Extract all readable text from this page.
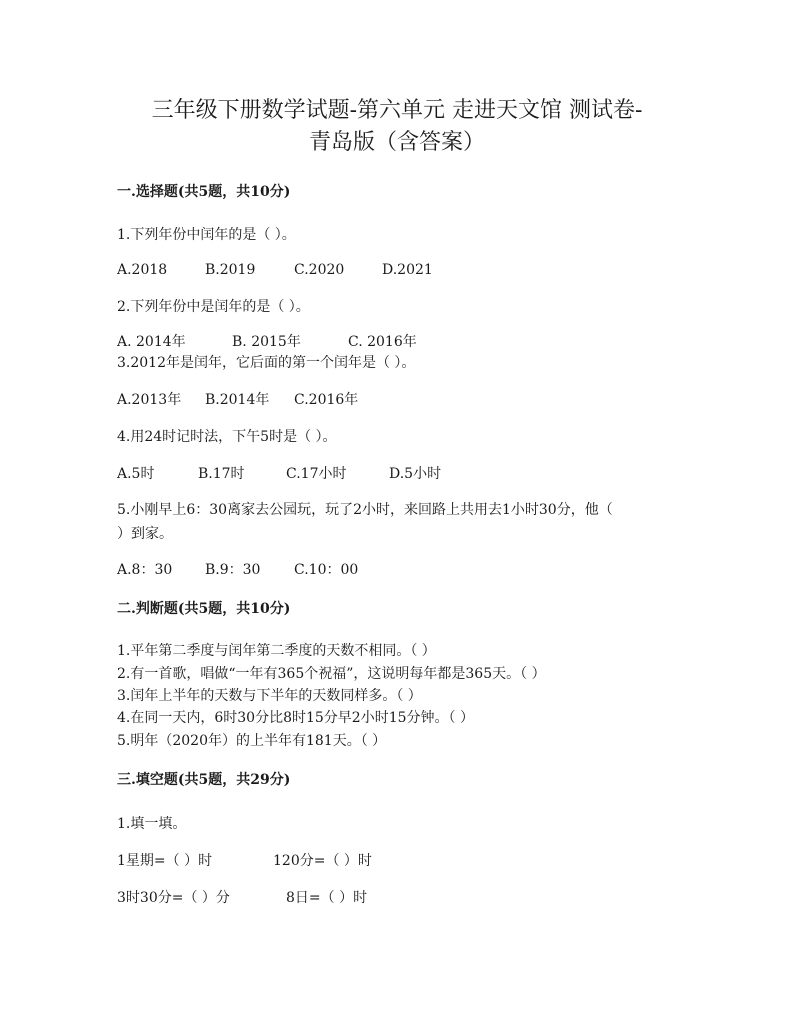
三年级下册数学试题-第六单元 走进天文馆 测试卷-
青岛版（含答案）
一.选择题(共5题，共10分)
1.下列年份中闰年的是（ ）。
A.2018	B.2019	C.2020	D.2021
2.下列年份中是闰年的是（ ）。
A. 2014年	B. 2015年	C. 2016年
3.2012年是闰年，它后面的第一个闰年是（ ）。
A.2013年 B.2014年 C.2016年
4.用24时记时法，下午5时是（ ）。
A.5时	B.17时	C.17小时	D.5小时
5.小刚早上6：30离家去公园玩，玩了2小时，来回路上共用去1小时30分，他（
）到家。
A.8：30 B.9：30 C.10：00
二.判断题(共5题，共10分)
1.平年第二季度与闰年第二季度的天数不相同。（ ）
2.有一首歌，唱做“一年有365个祝福”，这说明每年都是365天。（ ）
3.闰年上半年的天数与下半年的天数同样多。（ ）
4.在同一天内，6时30分比8时15分早2小时15分钟。（ ）
5.明年（2020年）的上半年有181天。（ ）
三.填空题(共5题，共29分)
1.填一填。
1星期=（ ）时	120分=（ ）时
3时30分=（ ）分	8日=（ ）时
